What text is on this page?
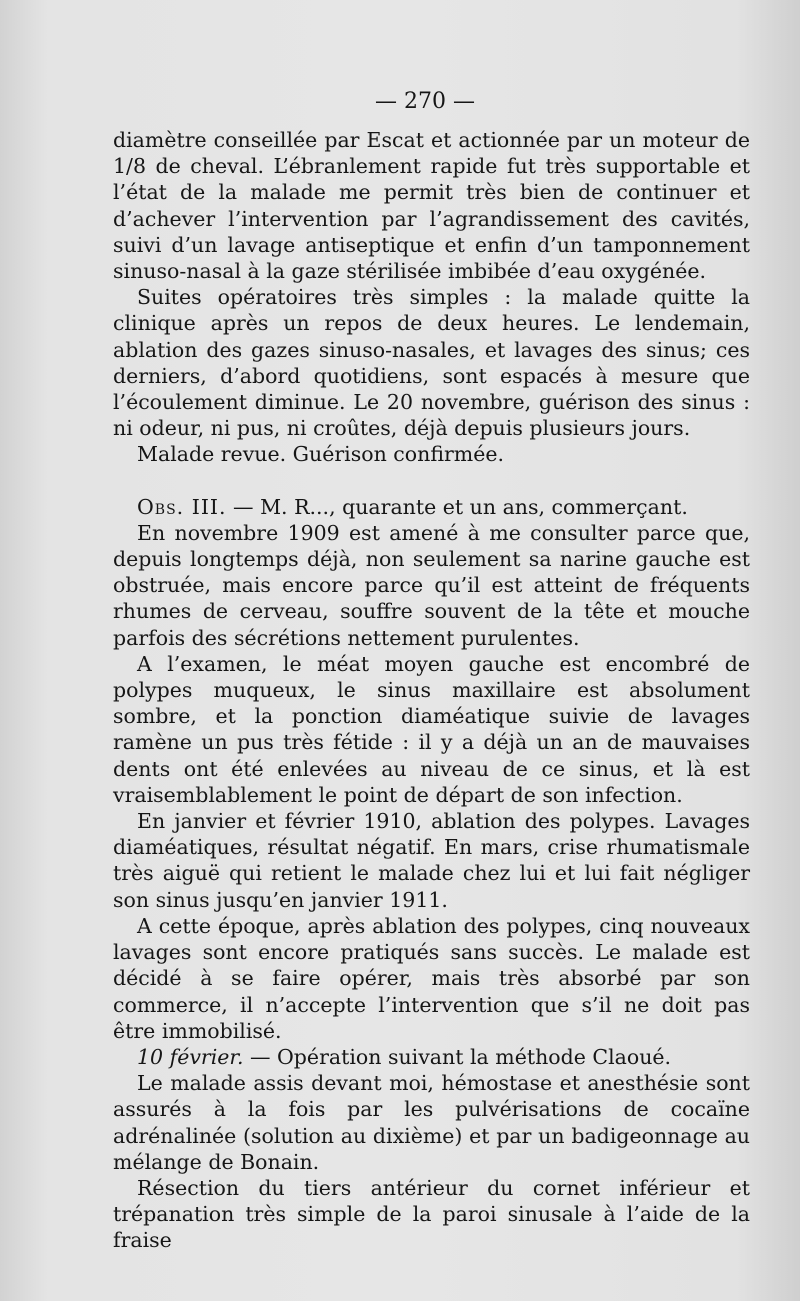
— 270 —

diamètre conseillée par Escat et actionnée par un moteur de 1/8 de cheval. L’ébranlement rapide fut très supportable et l’état de la malade me permit très bien de continuer et d’achever l’intervention par l’agrandissement des cavités, suivi d’un lavage antiseptique et enfin d’un tamponnement sinuso-nasal à la gaze stérilisée imbibée d’eau oxygénée.

Suites opératoires très simples : la malade quitte la clinique après un repos de deux heures. Le lendemain, ablation des gazes sinuso-nasales, et lavages des sinus; ces derniers, d’abord quotidiens, sont espacés à mesure que l’écoulement diminue. Le 20 novembre, guérison des sinus : ni odeur, ni pus, ni croûtes, déjà depuis plusieurs jours.

Malade revue. Guérison confirmée.

Obs. III. — M. R..., quarante et un ans, commerçant.

En novembre 1909 est amené à me consulter parce que, depuis longtemps déjà, non seulement sa narine gauche est obstruée, mais encore parce qu’il est atteint de fréquents rhumes de cerveau, souffre souvent de la tête et mouche parfois des sécrétions nettement purulentes.

A l’examen, le méat moyen gauche est encombré de polypes muqueux, le sinus maxillaire est absolument sombre, et la ponction diaméatique suivie de lavages ramène un pus très fétide : il y a déjà un an de mauvaises dents ont été enlevées au niveau de ce sinus, et là est vraisemblablement le point de départ de son infection.

En janvier et février 1910, ablation des polypes. Lavages diaméatiques, résultat négatif. En mars, crise rhumatismale très aiguë qui retient le malade chez lui et lui fait négliger son sinus jusqu’en janvier 1911.

A cette époque, après ablation des polypes, cinq nouveaux lavages sont encore pratiqués sans succès. Le malade est décidé à se faire opérer, mais très absorbé par son commerce, il n’accepte l’intervention que s’il ne doit pas être immobilisé.

10 février. — Opération suivant la méthode Claoué.

Le malade assis devant moi, hémostase et anesthésie sont assurés à la fois par les pulvérisations de cocaïne adrénalinée (solution au dixième) et par un badigeonnage au mélange de Bonain.

Résection du tiers antérieur du cornet inférieur et trépanation très simple de la paroi sinusale à l’aide de la fraise
